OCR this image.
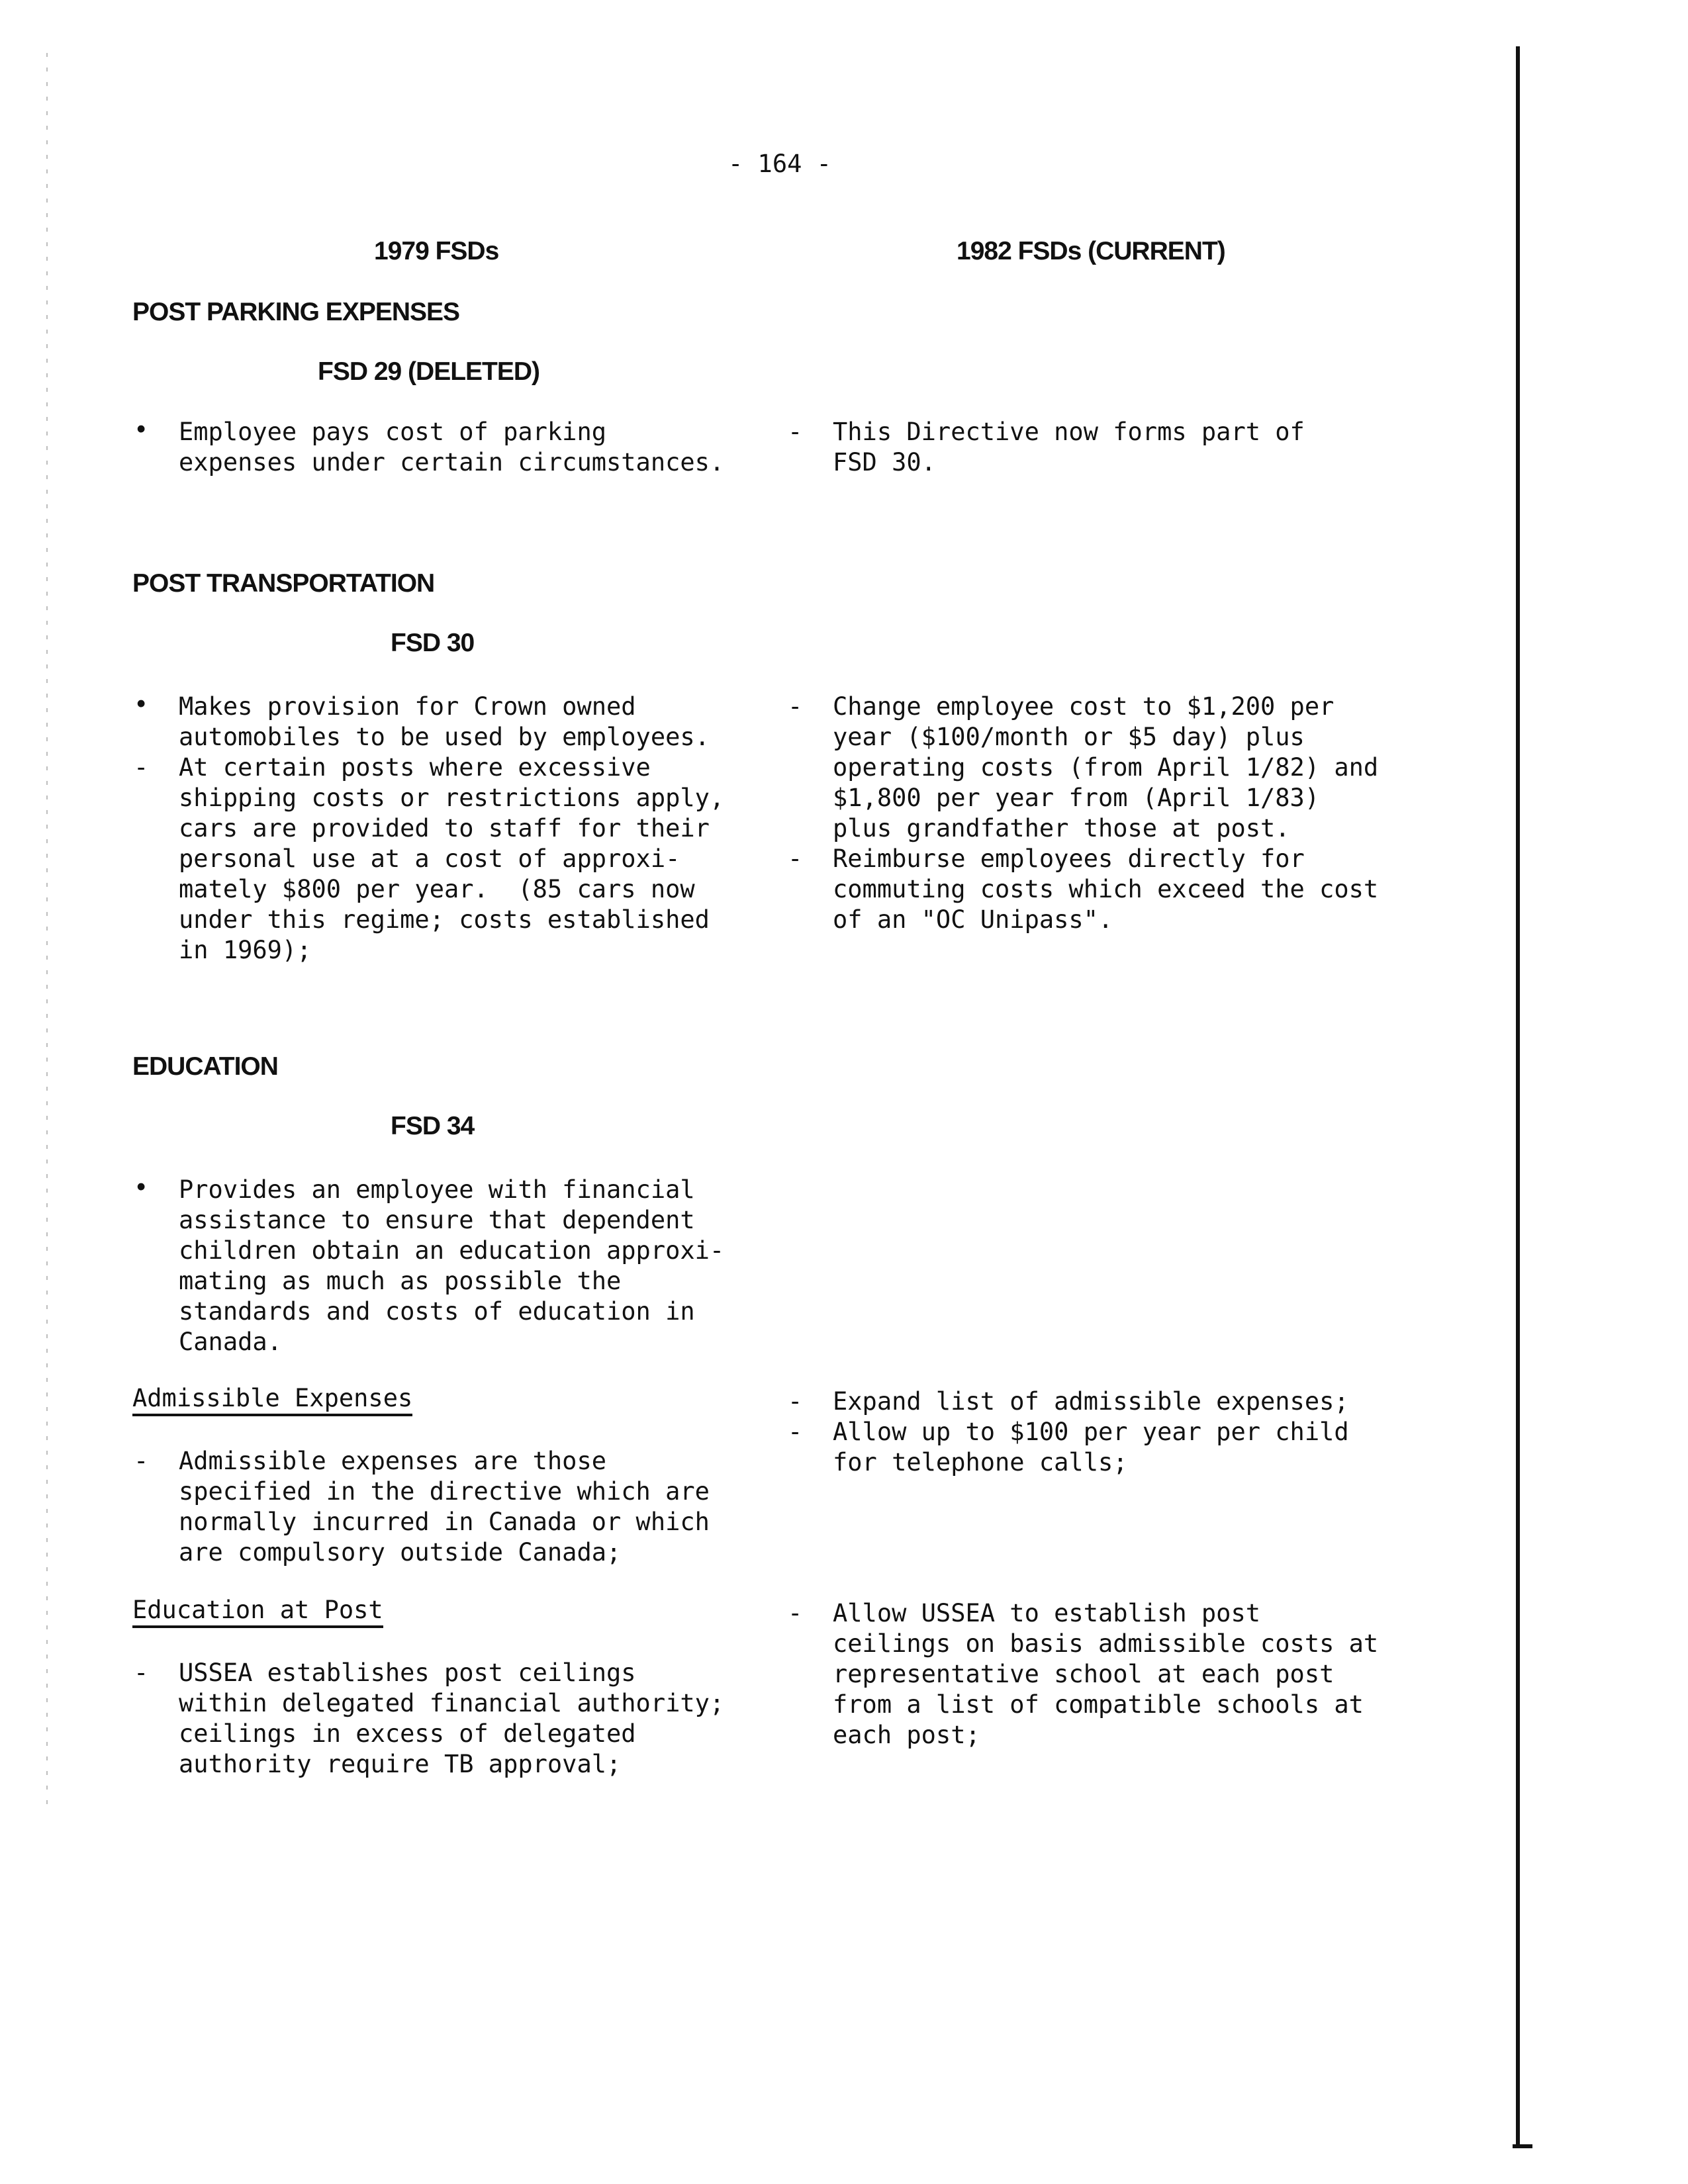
- 164 -
1979 FSDs	1982 FSDs (CURRENT)
POST PARKING EXPENSES
FSD 29 (DELETED)
• Employee pays cost of parking
expenses under certain circumstances.
- This Directive now forms part of
FSD 30.
POST TRANSPORTATION
FSD 30
• Makes provision for Crown owned
automobiles to be used by employees.
- At certain posts where excessive
shipping costs or restrictions apply,
cars are provided to staff for their
personal use at a cost of approxi-
mately $800 per year.  (85 cars now
under this regime; costs established
in 1969);
- Change employee cost to $1,200 per
year ($100/month or $5 day) plus
operating costs (from April 1/82) and
$1,800 per year from (April 1/83)
plus grandfather those at post.
- Reimburse employees directly for
commuting costs which exceed the cost
of an "OC Unipass".
EDUCATION
FSD 34
• Provides an employee with financial
assistance to ensure that dependent
children obtain an education approxi-
mating as much as possible the
standards and costs of education in
Canada.
Admissible Expenses
- Admissible expenses are those
specified in the directive which are
normally incurred in Canada or which
are compulsory outside Canada;
- Expand list of admissible expenses;
- Allow up to $100 per year per child
for telephone calls;
Education at Post
- USSEA establishes post ceilings
within delegated financial authority;
ceilings in excess of delegated
authority require TB approval;
- Allow USSEA to establish post
ceilings on basis admissible costs at
representative school at each post
from a list of compatible schools at
each post;
